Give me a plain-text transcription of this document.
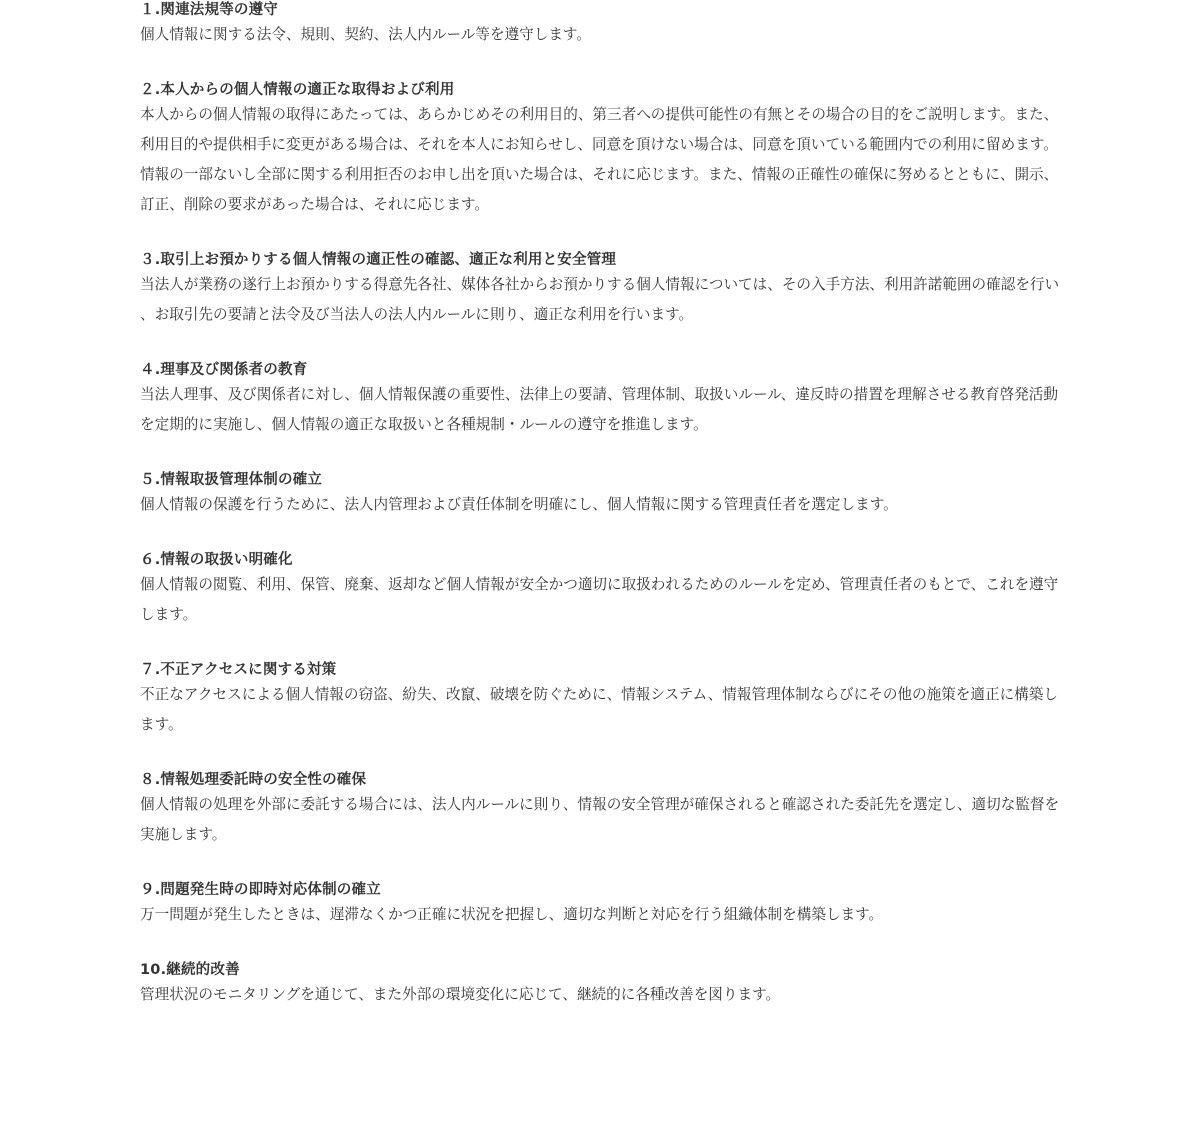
１.関連法規等の遵守

個人情報に関する法令、規則、契約、法人内ルール等を遵守します。

２.本人からの個人情報の適正な取得および利用

本人からの個人情報の取得にあたっては、あらかじめその利用目的、第三者への提供可能性の有無とその場合の目的をご説明します。また、利用目的や提供相手に変更がある場合は、それを本人にお知らせし、同意を頂けない場合は、同意を頂いている範囲内での利用に留めます。情報の一部ないし全部に関する利用拒否のお申し出を頂いた場合は、それに応じます。また、情報の正確性の確保に努めるとともに、開示、訂正、削除の要求があった場合は、それに応じます。

３.取引上お預かりする個人情報の適正性の確認、適正な利用と安全管理

当法人が業務の遂行上お預かりする得意先各社、媒体各社からお預かりする個人情報については、その入手方法、利用許諾範囲の確認を行い、お取引先の要請と法令及び当法人の法人内ルールに則り、適正な利用を行います。

４.理事及び関係者の教育

当法人理事、及び関係者に対し、個人情報保護の重要性、法律上の要請、管理体制、取扱いルール、違反時の措置を理解させる教育啓発活動を定期的に実施し、個人情報の適正な取扱いと各種規制・ルールの遵守を推進します。

５.情報取扱管理体制の確立

個人情報の保護を行うために、法人内管理および責任体制を明確にし、個人情報に関する管理責任者を選定します。

６.情報の取扱い明確化

個人情報の閲覧、利用、保管、廃棄、返却など個人情報が安全かつ適切に取扱われるためのルールを定め、管理責任者のもとで、これを遵守します。

７.不正アクセスに関する対策

不正なアクセスによる個人情報の窃盗、紛失、改竄、破壊を防ぐために、情報システム、情報管理体制ならびにその他の施策を適正に構築します。

８.情報処理委託時の安全性の確保

個人情報の処理を外部に委託する場合には、法人内ルールに則り、情報の安全管理が確保されると確認された委託先を選定し、適切な監督を実施します。

９.問題発生時の即時対応体制の確立

万一問題が発生したときは、遅滞なくかつ正確に状況を把握し、適切な判断と対応を行う組織体制を構築します。

10.継続的改善

管理状況のモニタリングを通じて、また外部の環境変化に応じて、継続的に各種改善を図ります。
